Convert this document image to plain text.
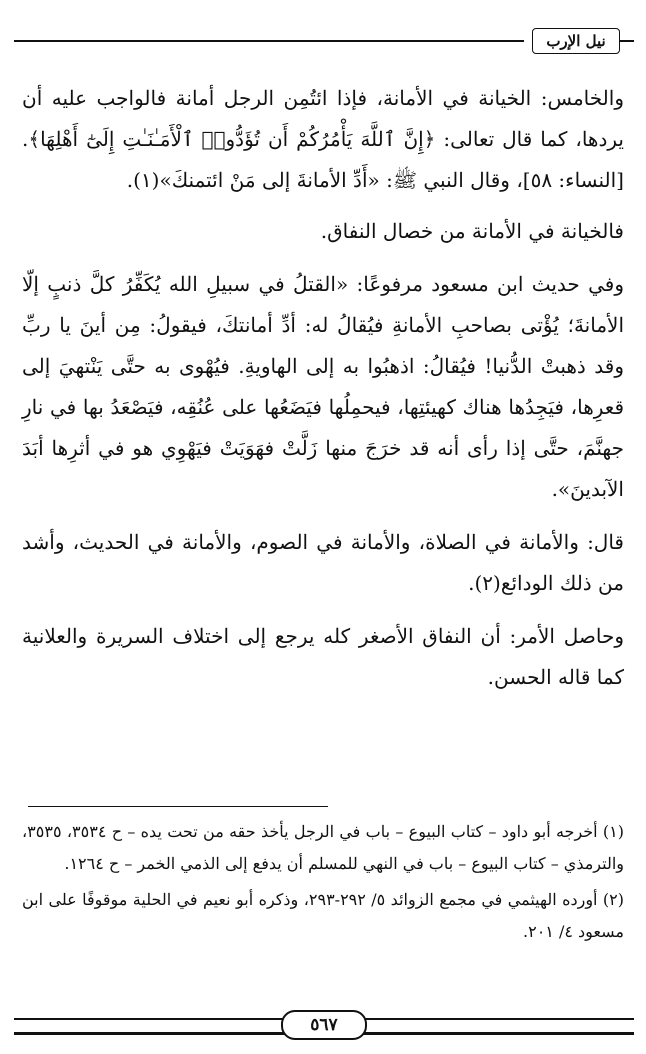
نيل الإرب

والخامس: الخيانة في الأمانة، فإذا ائتُمِن الرجل أمانة فالواجب عليه أن يردها، كما قال تعالى: ﴿إِنَّ ٱللَّهَ يَأْمُرُكُمْ أَن تُؤَدُّوا۟ ٱلْأَمَـٰنَـٰتِ إِلَىٰٓ أَهْلِهَا﴾. [النساء: ٥٨]، وقال النبي ﷺ: «أَدِّ الأمانةَ إلى مَنْ ائتمنكَ»(١).

فالخيانة في الأمانة من خصال النفاق.

وفي حديث ابن مسعود مرفوعًا: «القتلُ في سبيلِ الله يُكَفِّرُ كلَّ ذنبٍ إلّا الأمانةَ؛ يُؤْتى بصاحبِ الأمانةِ فيُقالُ له: أدِّ أمانتكَ، فيقولُ: مِن أينَ يا ربِّ وقد ذهبتْ الدُّنيا! فيُقالُ: اذهبُوا به إلى الهاويةِ. فيُهْوى به حتَّى يَنْتهيَ إلى قعرِها، فيَجِدُها هناك كهيئتِها، فيحمِلُها فيَضَعُها على عُنُقِه، فيَصْعَدُ بها في نارِ جهنَّمَ، حتَّى إذا رأى أنه قد خرَجَ منها زَلَّتْ فهَوَيَتْ فيَهْوِي هو في أثرِها أبَدَ الآبدينَ».

قال: والأمانة في الصلاة، والأمانة في الصوم، والأمانة في الحديث، وأشد من ذلك الودائع(٢).

وحاصل الأمر: أن النفاق الأصغر كله يرجع إلى اختلاف السريرة والعلانية كما قاله الحسن.

(١) أخرجه أبو داود – كتاب البيوع – باب في الرجل يأخذ حقه من تحت يده – ح ٣٥٣٤، ٣٥٣٥، والترمذي – كتاب البيوع – باب في النهي للمسلم أن يدفع إلى الذمي الخمر – ح ١٢٦٤.

(٢) أورده الهيثمي في مجمع الزوائد ٥/ ٢٩٢-٢٩٣، وذكره أبو نعيم في الحلية موقوفًا على ابن مسعود ٤/ ٢٠١.

٥٦٧
